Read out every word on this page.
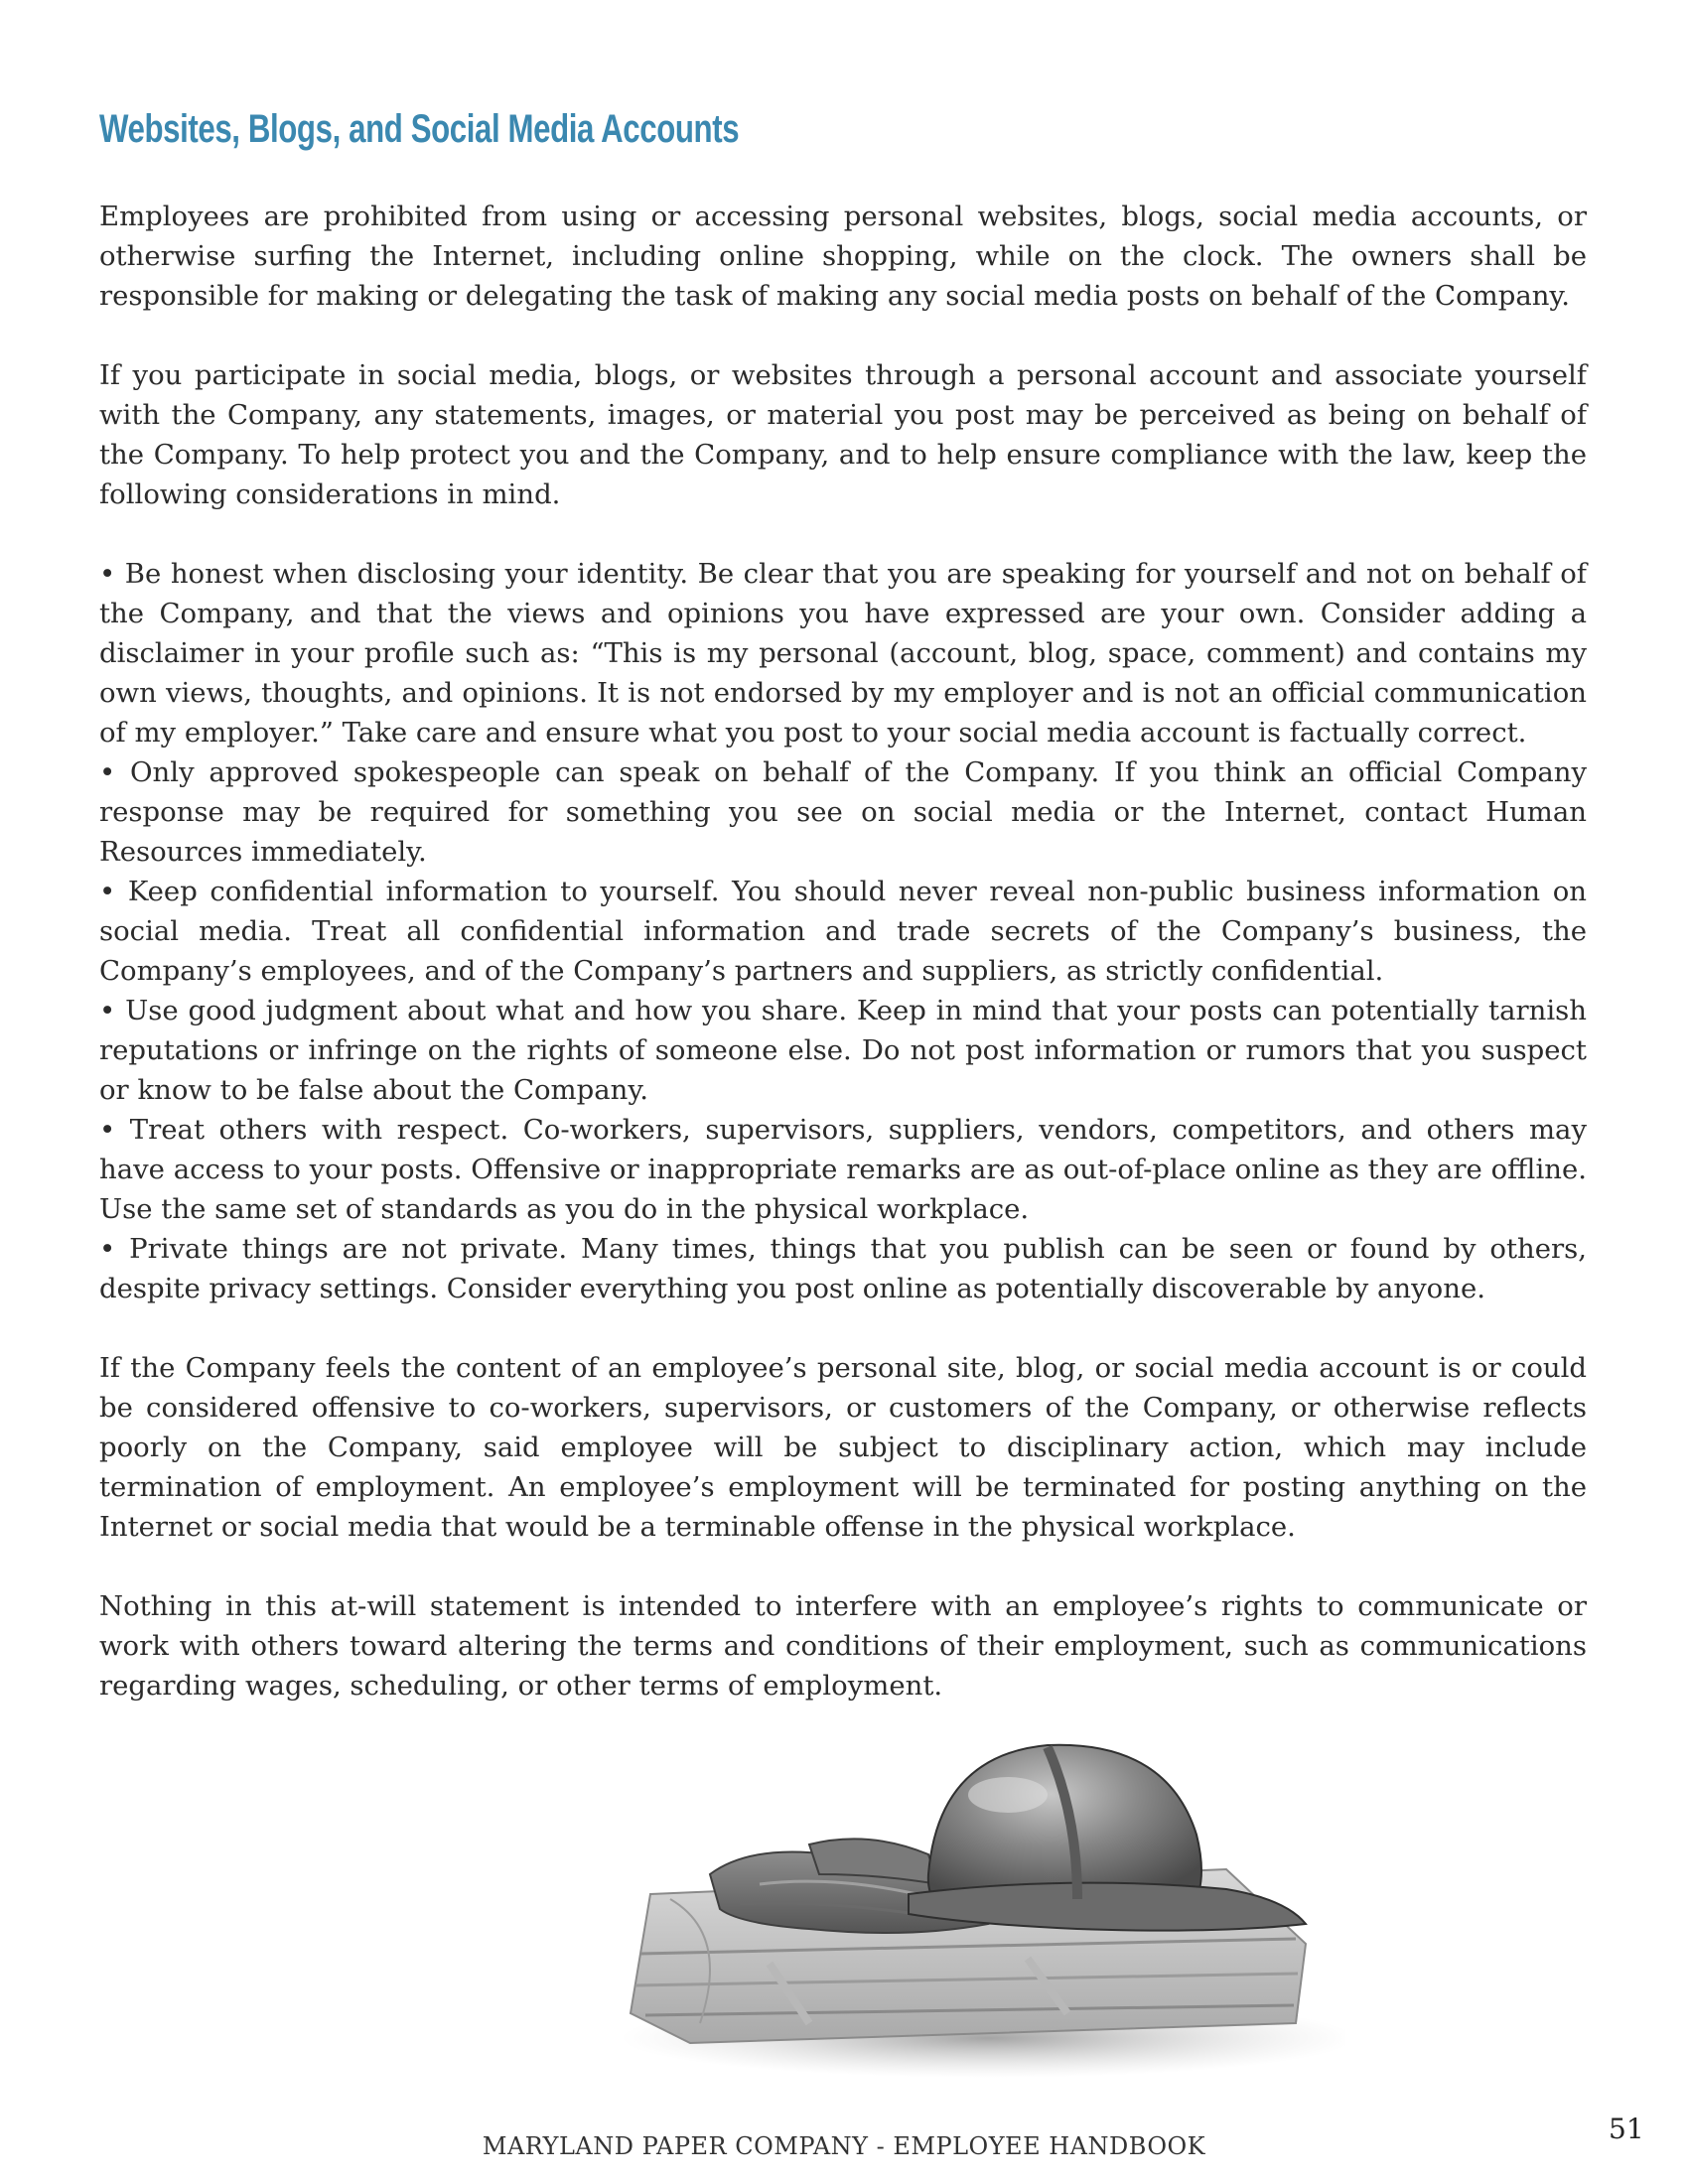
Websites, Blogs, and Social Media Accounts

Employees are prohibited from using or accessing personal websites, blogs, social media accounts, or otherwise surfing the Internet, including online shopping, while on the clock. The owners shall be responsible for making or delegating the task of making any social media posts on behalf of the Company.

If you participate in social media, blogs, or websites through a personal account and associate yourself with the Company, any statements, images, or material you post may be perceived as being on behalf of the Company. To help protect you and the Company, and to help ensure compliance with the law, keep the following considerations in mind.

• Be honest when disclosing your identity. Be clear that you are speaking for yourself and not on behalf of the Company, and that the views and opinions you have expressed are your own. Consider adding a disclaimer in your profile such as: “This is my personal (account, blog, space, comment) and contains my own views, thoughts, and opinions. It is not endorsed by my employer and is not an official communication of my employer.” Take care and ensure what you post to your social media account is factually correct.
• Only approved spokespeople can speak on behalf of the Company. If you think an official Company response may be required for something you see on social media or the Internet, contact Human Resources immediately.
• Keep confidential information to yourself. You should never reveal non-public business information on social media. Treat all confidential information and trade secrets of the Company’s business, the Company’s employees, and of the Company’s partners and suppliers, as strictly confidential.
• Use good judgment about what and how you share. Keep in mind that your posts can potentially tarnish reputations or infringe on the rights of someone else. Do not post information or rumors that you suspect or know to be false about the Company.
• Treat others with respect. Co-workers, supervisors, suppliers, vendors, competitors, and others may have access to your posts. Offensive or inappropriate remarks are as out-of-place online as they are offline. Use the same set of standards as you do in the physical workplace.
• Private things are not private. Many times, things that you publish can be seen or found by others, despite privacy settings. Consider everything you post online as potentially discoverable by anyone.

If the Company feels the content of an employee’s personal site, blog, or social media account is or could be considered offensive to co-workers, supervisors, or customers of the Company, or otherwise reflects poorly on the Company, said employee will be subject to disciplinary action, which may include termination of employment. An employee’s employment will be terminated for posting anything on the Internet or social media that would be a terminable offense in the physical workplace.

Nothing in this at-will statement is intended to interfere with an employee’s rights to communicate or work with others toward altering the terms and conditions of their employment, such as communications regarding wages, scheduling, or other terms of employment.

MARYLAND PAPER COMPANY - EMPLOYEE HANDBOOK
51
